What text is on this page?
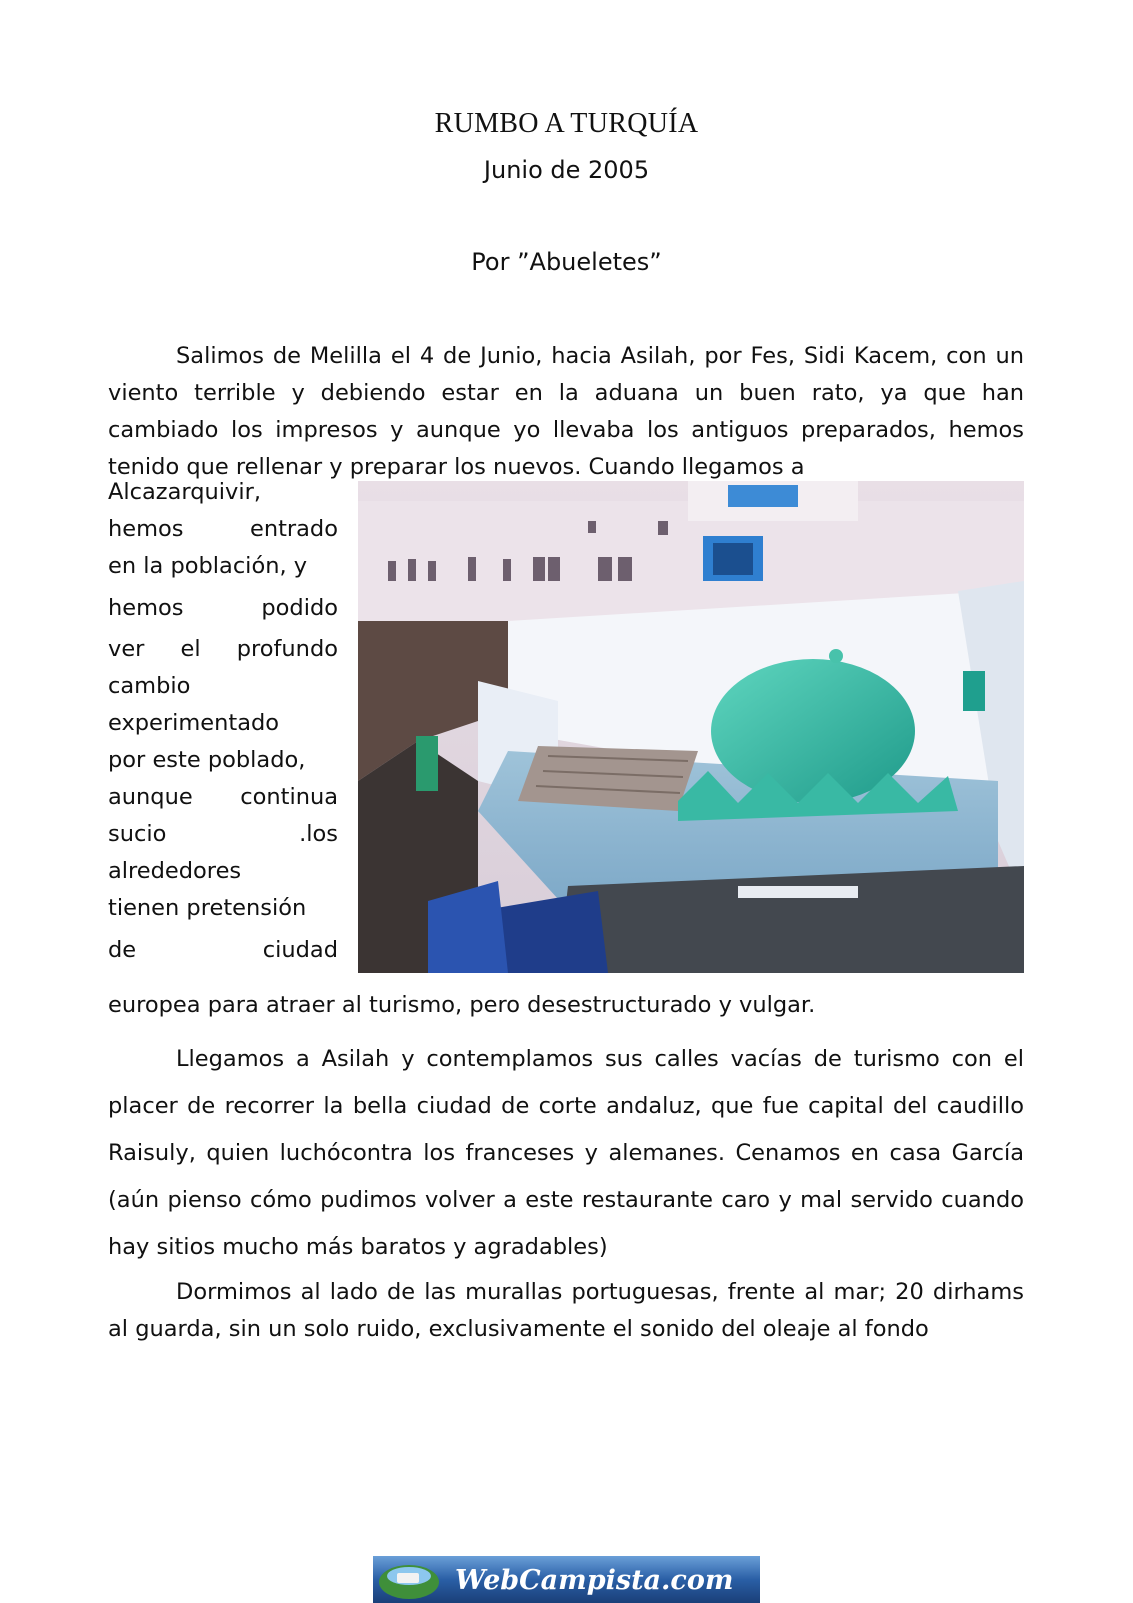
RUMBO A TURQUÍA
Junio de 2005
Por ”Abueletes”
Salimos de Melilla el 4 de Junio, hacia Asilah, por Fes, Sidi Kacem, con un viento terrible y debiendo estar en la aduana un buen rato, ya que han cambiado los impresos y aunque yo llevaba los antiguos preparados, hemos tenido que rellenar y preparar los nuevos. Cuando llegamos a
Alcazarquivir,
hemos entrado
en la población, y
hemos podido
ver el profundo
cambio
experimentado
por este poblado,
aunque continua
sucio .los
alrededores
tienen pretensión
de ciudad
europea para atraer al turismo, pero desestructurado y vulgar.
Llegamos a Asilah y contemplamos sus calles vacías de turismo con el placer de recorrer la bella ciudad de corte andaluz, que fue capital del caudillo Raisuly, quien luchócontra los franceses y alemanes. Cenamos en casa García (aún pienso cómo pudimos volver a este restaurante caro y mal servido cuando hay sitios mucho más baratos y agradables)
Dormimos al lado de las murallas portuguesas, frente al mar; 20 dirhams al guarda, sin un solo ruido, exclusivamente el sonido del oleaje al fondo
WebCampista.com
